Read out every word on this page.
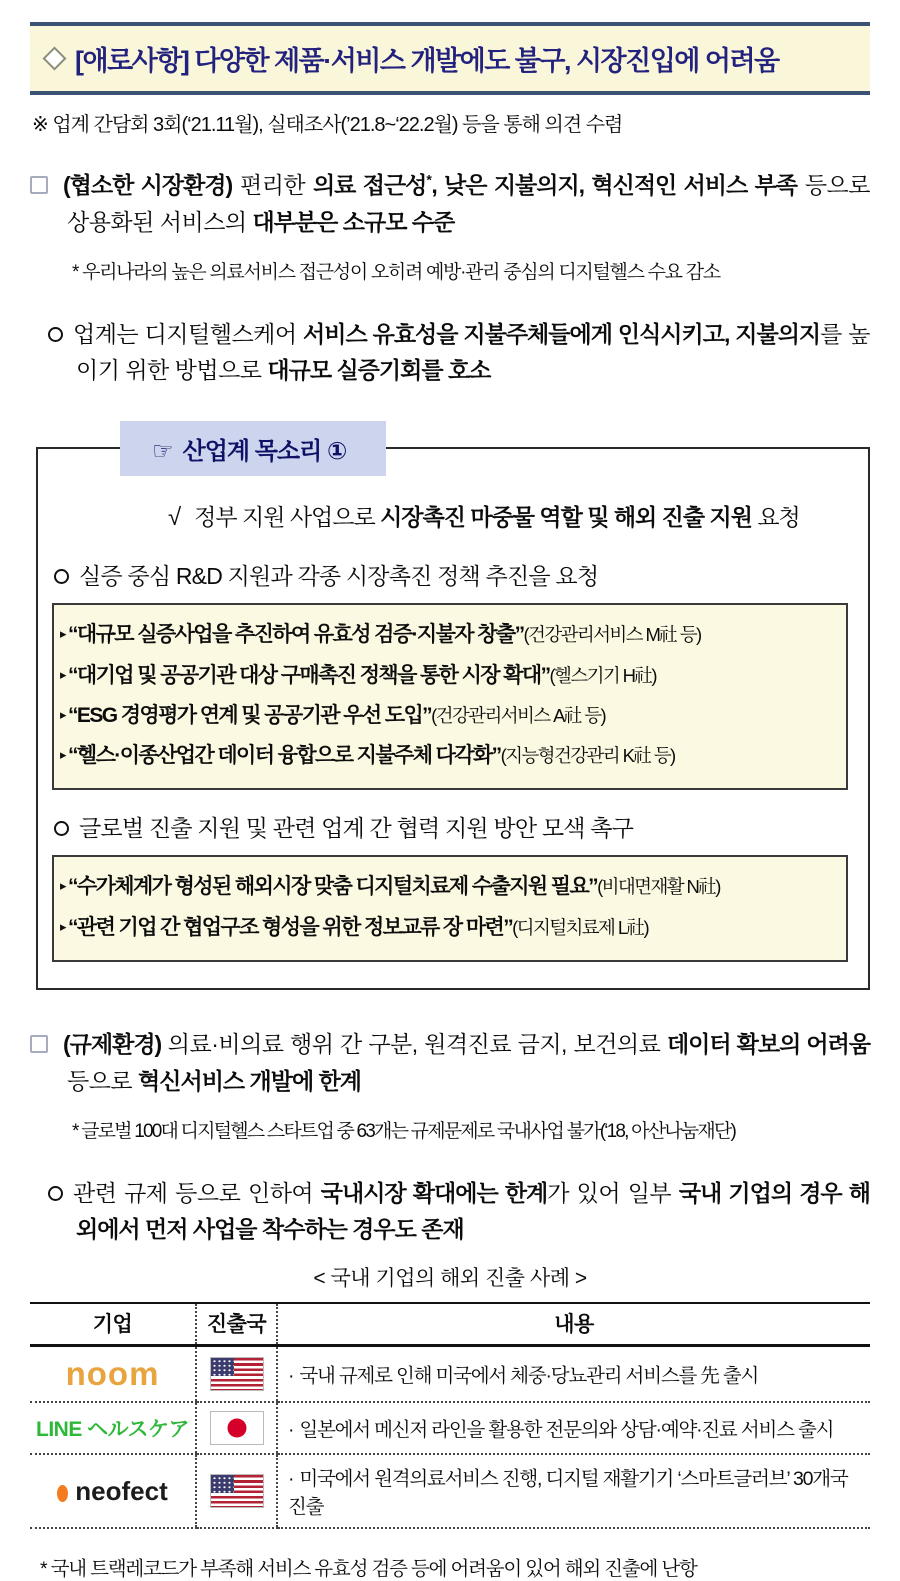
[애로사항] 다양한 제품·서비스 개발에도 불구, 시장진입에 어려움
※ 업계 간담회 3회(‘21.11월), 실태조사(’21.8~‘22.2월) 등을 통해 의견 수렴
(협소한 시장환경) 편리한 의료 접근성*, 낮은 지불의지, 혁신적인 서비스 부족 등으로 상용화된 서비스의 대부분은 소규모 수준
* 우리나라의 높은 의료서비스 접근성이 오히려 예방·관리 중심의 디지털헬스 수요 감소
업계는 디지털헬스케어 서비스 유효성을 지불주체들에게 인식시키고, 지불의지를 높이기 위한 방법으로 대규모 실증기회를 호소
☞ 산업계 목소리 ①
√ 정부 지원 사업으로 시장촉진 마중물 역할 및 해외 진출 지원 요청
실증 중심 R&D 지원과 각종 시장촉진 정책 추진을 요청
▸“대규모 실증사업을 추진하여 유효성 검증·지불자 창출”(건강관리서비스 M社 등)
▸“대기업 및 공공기관 대상 구매촉진 정책을 통한 시장 확대”(헬스기기 H社)
▸“ESG 경영평가 연계 및 공공기관 우선 도입”(건강관리서비스 A社 등)
▸“헬스·이종산업간 데이터 융합으로 지불주체 다각화”(지능형건강관리 K社 등)
글로벌 진출 지원 및 관련 업계 간 협력 지원 방안 모색 촉구
▸“수가체계가 형성된 해외시장 맞춤 디지털치료제 수출지원 필요”(비대면재활 N社)
▸“관련 기업 간 협업구조 형성을 위한 정보교류 장 마련”(디지털치료제 L社)
(규제환경) 의료·비의료 행위 간 구분, 원격진료 금지, 보건의료 데이터 확보의 어려움 등으로 혁신서비스 개발에 한계
* 글로벌 100대 디지털헬스 스타트업 중 63개는 규제문제로 국내사업 불가(‘18, 아산나눔재단)
관련 규제 등으로 인하여 국내시장 확대에는 한계가 있어 일부 국내 기업의 경우 해외에서 먼저 사업을 착수하는 경우도 존재
< 국내 기업의 해외 진출 사례 >
기업	진출국	내용
noom		· 국내 규제로 인해 미국에서 체중·당뇨관리 서비스를 先 출시
LINE ヘルスケア		· 일본에서 메신저 라인을 활용한 전문의와 상담·예약·진료 서비스 출시
neofect		· 미국에서 원격의료서비스 진행, 디지털 재활기기 ‘스마트글러브’ 30개국 진출
* 국내 트랙레코드가 부족해 서비스 유효성 검증 등에 어려움이 있어 해외 진출에 난항
